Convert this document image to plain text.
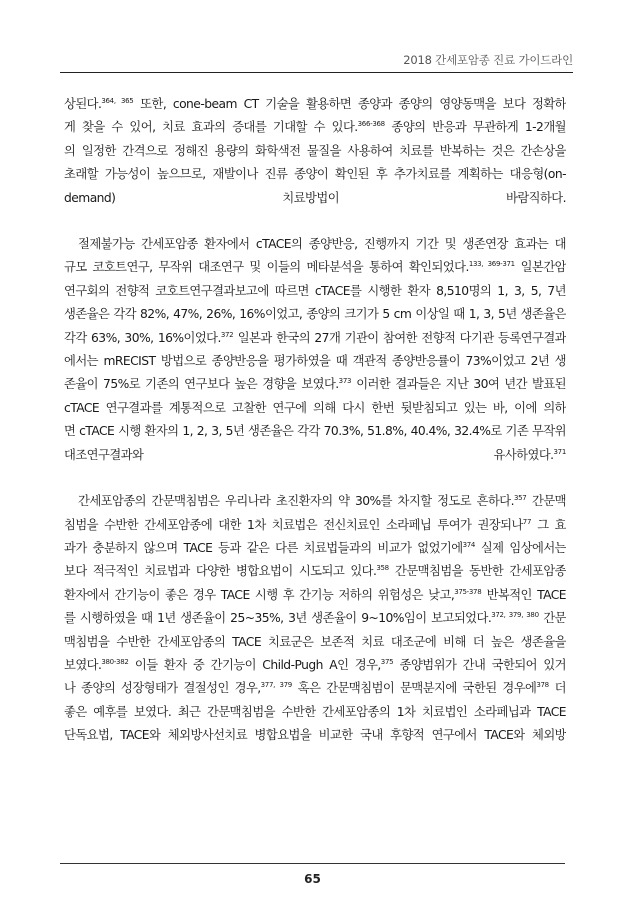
2018 간세포암종 진료 가이드라인

상된다.$^{364, 365}$ 또한, cone-beam CT 기술을 활용하면 종양과 종양의 영양동맥을 보다 정확하
게 찾을 수 있어, 치료 효과의 증대를 기대할 수 있다.$^{366-368}$ 종양의 반응과 무관하게 1-2개월
의 일정한 간격으로 정해진 용량의 화학색전 물질을 사용하여 치료를 반복하는 것은 간손상을
초래할 가능성이 높으므로, 재발이나 진류 종양이 확인된 후 추가치료를 계획하는 대응형(on-
demand) 치료방법이 바람직하다.

절제불가능 간세포암종 환자에서 cTACE의 종양반응, 진행까지 기간 및 생존연장 효과는 대
규모 코호트연구, 무작위 대조연구 및 이들의 메타분석을 통하여 확인되었다.$^{133, 369-371}$ 일본간암
연구회의 전향적 코호트연구결과보고에 따르면 cTACE를 시행한 환자 8,510명의 1, 3, 5, 7년
생존율은 각각 82%, 47%, 26%, 16%이었고, 종양의 크기가 5 cm 이상일 때 1, 3, 5년 생존율은
각각 63%, 30%, 16%이었다.$^{372}$ 일본과 한국의 27개 기관이 참여한 전향적 다기관 등록연구결과
에서는 mRECIST 방법으로 종양반응을 평가하였을 때 객관적 종양반응률이 73%이었고 2년 생
존율이 75%로 기존의 연구보다 높은 경향을 보였다.$^{373}$ 이러한 결과들은 지난 30여 년간 발표된
cTACE 연구결과를 계통적으로 고찰한 연구에 의해 다시 한번 뒷받침되고 있는 바, 이에 의하
면 cTACE 시행 환자의 1, 2, 3, 5년 생존율은 각각 70.3%, 51.8%, 40.4%, 32.4%로 기존 무작위
대조연구결과와 유사하였다.$^{371}$

간세포암종의 간문맥침범은 우리나라 초진환자의 약 30%를 차지할 정도로 흔하다.$^{357}$ 간문맥
침범을 수반한 간세포암종에 대한 1차 치료법은 전신치료인 소라페닙 투여가 권장되나$^{77}$ 그 효
과가 충분하지 않으며 TACE 등과 같은 다른 치료법들과의 비교가 없었기에$^{374}$ 실제 임상에서는
보다 적극적인 치료법과 다양한 병합요법이 시도되고 있다.$^{358}$ 간문맥침범을 동반한 간세포암종
환자에서 간기능이 좋은 경우 TACE 시행 후 간기능 저하의 위험성은 낮고,$^{375-378}$ 반복적인 TACE
를 시행하였을 때 1년 생존율이 25~35%, 3년 생존율이 9~10%임이 보고되었다.$^{372, 379, 380}$ 간문
맥침범을 수반한 간세포암종의 TACE 치료군은 보존적 치료 대조군에 비해 더 높은 생존율을
보였다.$^{380-382}$ 이들 환자 중 간기능이 Child-Pugh A인 경우,$^{375}$ 종양범위가 간내 국한되어 있거
나 종양의 성장형태가 결절성인 경우,$^{377, 379}$ 혹은 간문맥침범이 문맥분지에 국한된 경우에$^{378}$ 더
좋은 예후를 보였다. 최근 간문맥침범을 수반한 간세포암종의 1차 치료법인 소라페닙과 TACE
단독요법, TACE와 체외방사선치료 병합요법을 비교한 국내 후향적 연구에서 TACE와 체외방

65
